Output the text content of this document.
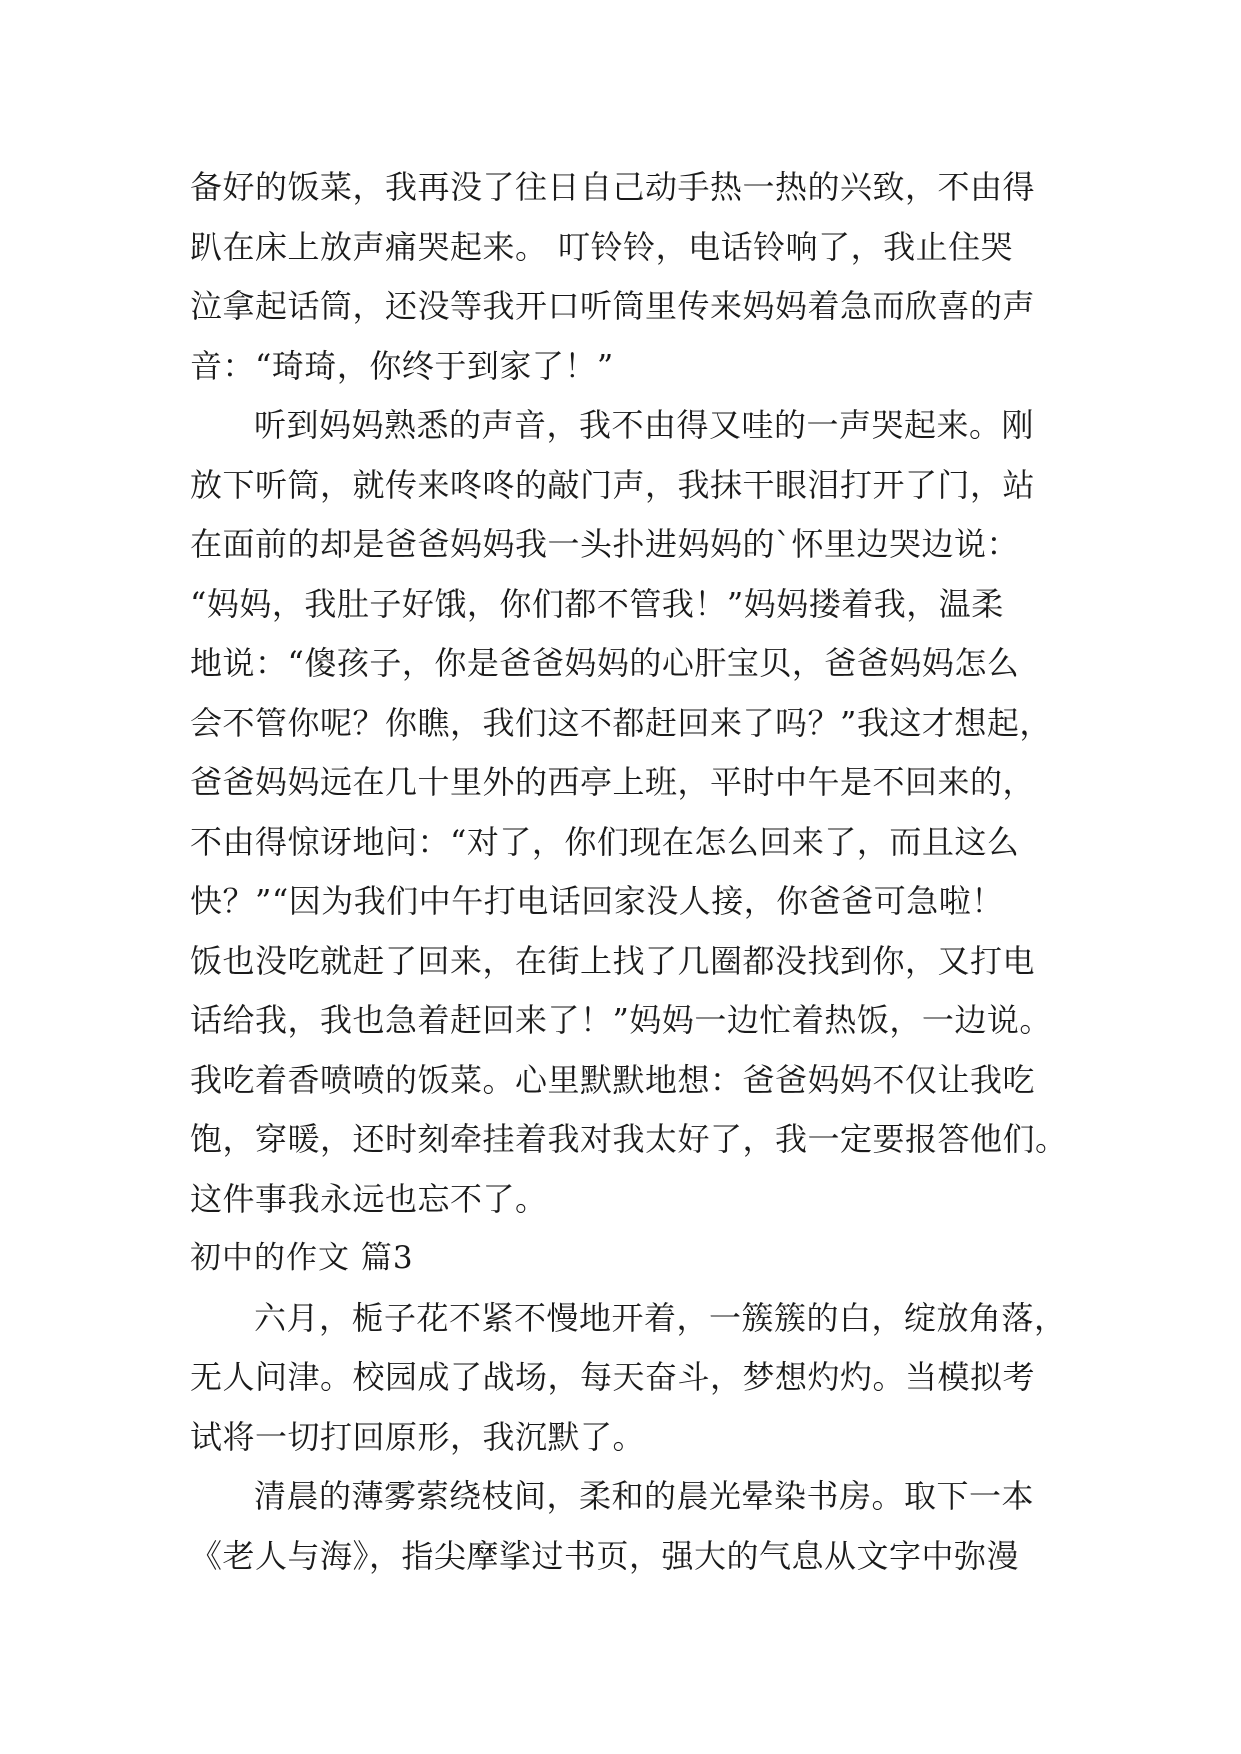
备好的饭菜，我再没了往日自己动手热一热的兴致，不由得
趴在床上放声痛哭起来。 叮铃铃，电话铃响了，我止住哭
泣拿起话筒，还没等我开口听筒里传来妈妈着急而欣喜的声
音：“琦琦，你终于到家了！”
听到妈妈熟悉的声音，我不由得又哇的一声哭起来。刚
放下听筒，就传来咚咚的敲门声，我抹干眼泪打开了门，站
在面前的却是爸爸妈妈我一头扑进妈妈的`怀里边哭边说：
“妈妈，我肚子好饿，你们都不管我！”妈妈搂着我，温柔
地说：“傻孩子，你是爸爸妈妈的心肝宝贝，爸爸妈妈怎么
会不管你呢？你瞧，我们这不都赶回来了吗？”我这才想起，
爸爸妈妈远在几十里外的西亭上班，平时中午是不回来的，
不由得惊讶地问：“对了，你们现在怎么回来了，而且这么
快？”“因为我们中午打电话回家没人接，你爸爸可急啦！
饭也没吃就赶了回来，在街上找了几圈都没找到你，又打电
话给我，我也急着赶回来了！”妈妈一边忙着热饭，一边说。
我吃着香喷喷的饭菜。心里默默地想：爸爸妈妈不仅让我吃
饱，穿暖，还时刻牵挂着我对我太好了，我一定要报答他们。
这件事我永远也忘不了。
初中的作文 篇3
六月，栀子花不紧不慢地开着，一簇簇的白，绽放角落，
无人问津。校园成了战场，每天奋斗，梦想灼灼。当模拟考
试将一切打回原形，我沉默了。
清晨的薄雾萦绕枝间，柔和的晨光晕染书房。取下一本
《老人与海》，指尖摩挲过书页，强大的气息从文字中弥漫
